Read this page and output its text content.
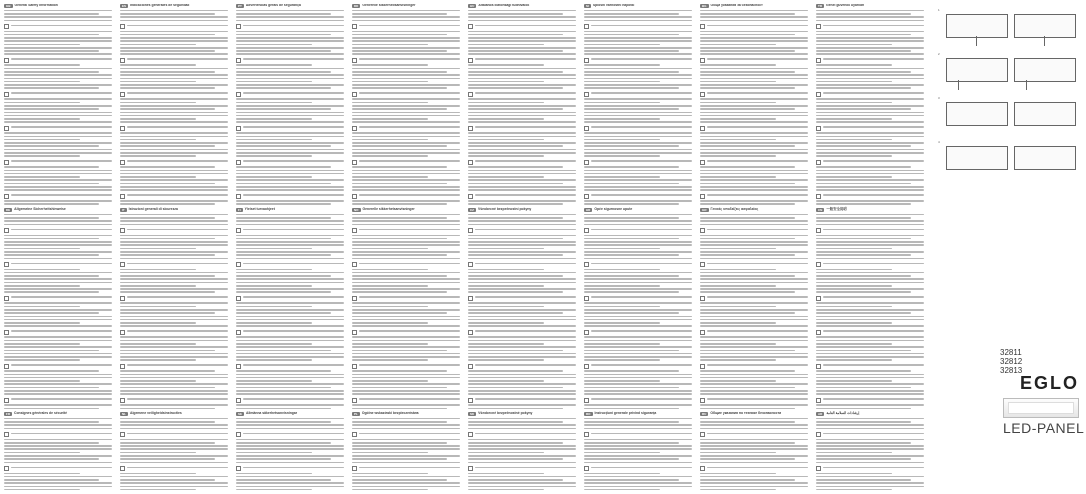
GB	General Safety Information
DE	Allgemeine Sicherheitshinweise
FR	Consignes générales de sécurité
ES	Indicaciones generales de seguridad
IT	Istruzioni generali di sicurezza
NL	Algemene veiligheidsinstructies
PT	Advertências gerais de segurança
FI	Yleiset turvaohjeet
SE	Allmänna säkerhetsanvisningar
DK	Generelle sikkerhedsanvisninger
NO	Generelle sikkerhetsanvisninger
PL	Ogólne wskazówki bezpieczeństwa
HU	Általános biztonsági tudnivalók
CZ	Všeobecné bezpečnostní pokyny
SK	Všeobecné bezpečnostné pokyny
SI	Splošni varnostni napotki
HR	Opće sigurnosne upute
RO	Instrucţiuni generale privind siguranţa
BG	Общи указания за безопасност
GR	Γενικές υποδείξεις ασφαλείας
RU	Общие указания по технике безопасности
TR	Genel güvenlik uyarıları
CN	一般安全说明
AR	إرشادات السلامة العامة
1
2
3
4
32811
32812
32813
EGLO
LED-PANEL
